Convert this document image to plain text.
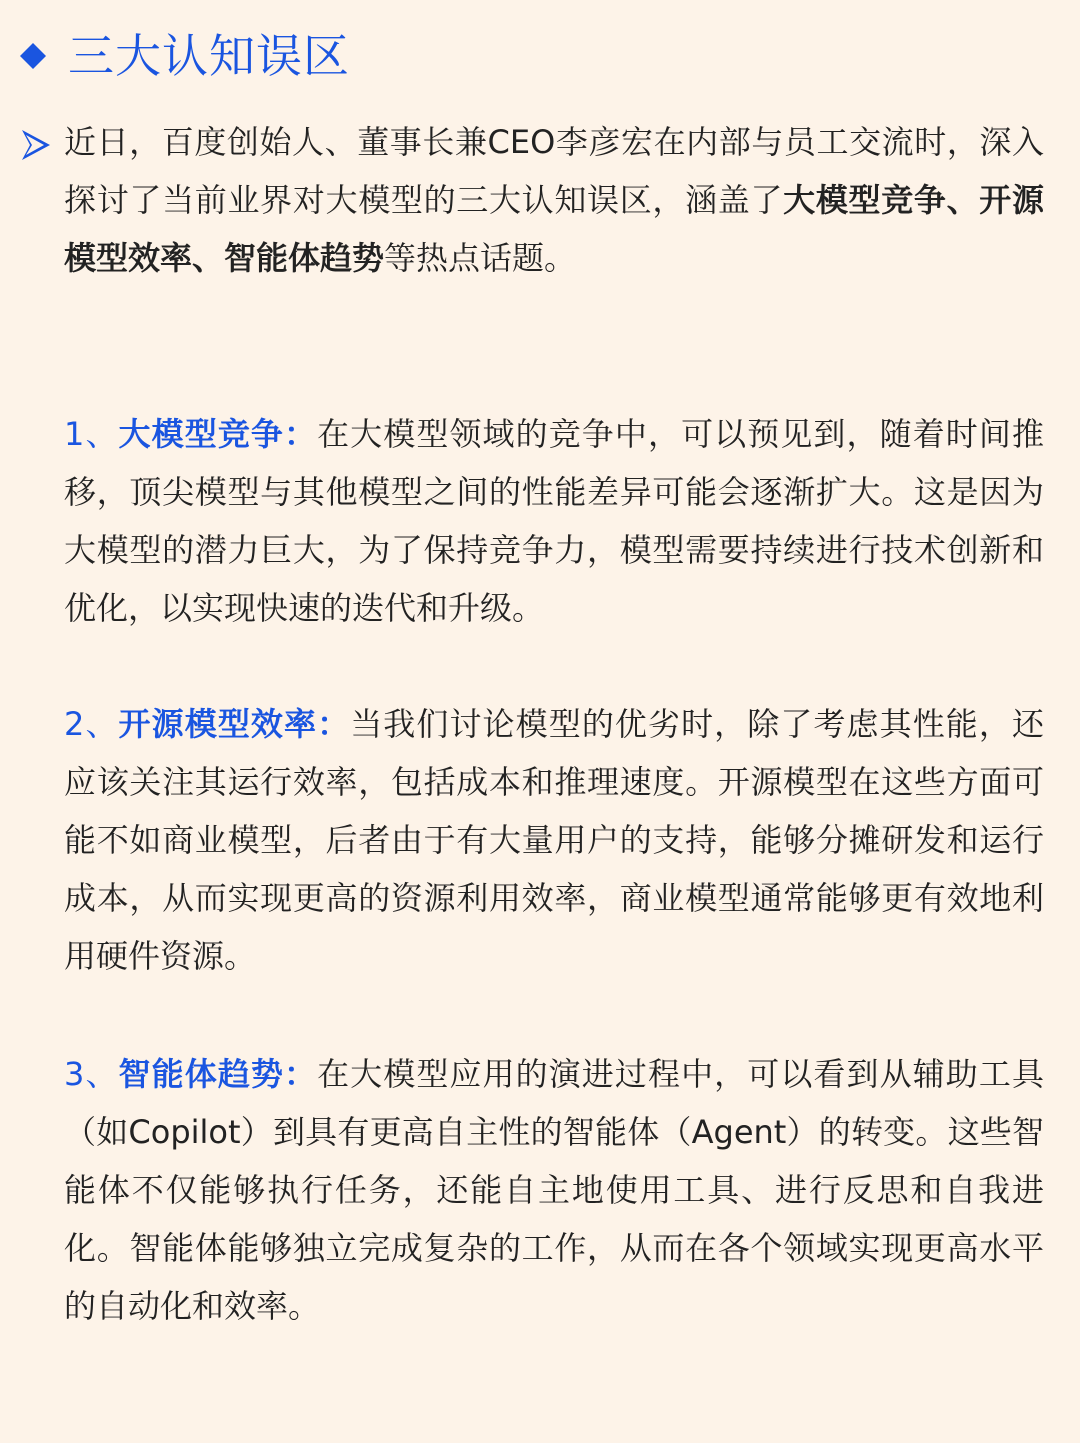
三大认知误区
近日，百度创始人、董事长兼CEO李彦宏在内部与员工交流时，深入探讨了当前业界对大模型的三大认知误区，涵盖了大模型竞争、开源模型效率、智能体趋势等热点话题。
1、大模型竞争：在大模型领域的竞争中，可以预见到，随着时间推移，顶尖模型与其他模型之间的性能差异可能会逐渐扩大。这是因为大模型的潜力巨大，为了保持竞争力，模型需要持续进行技术创新和优化，以实现快速的迭代和升级。
2、开源模型效率：当我们讨论模型的优劣时，除了考虑其性能，还应该关注其运行效率，包括成本和推理速度。开源模型在这些方面可能不如商业模型，后者由于有大量用户的支持，能够分摊研发和运行成本，从而实现更高的资源利用效率，商业模型通常能够更有效地利用硬件资源。
3、智能体趋势：在大模型应用的演进过程中，可以看到从辅助工具（如Copilot）到具有更高自主性的智能体（Agent）的转变。这些智能体不仅能够执行任务，还能自主地使用工具、进行反思和自我进化。智能体能够独立完成复杂的工作，从而在各个领域实现更高水平的自动化和效率。
